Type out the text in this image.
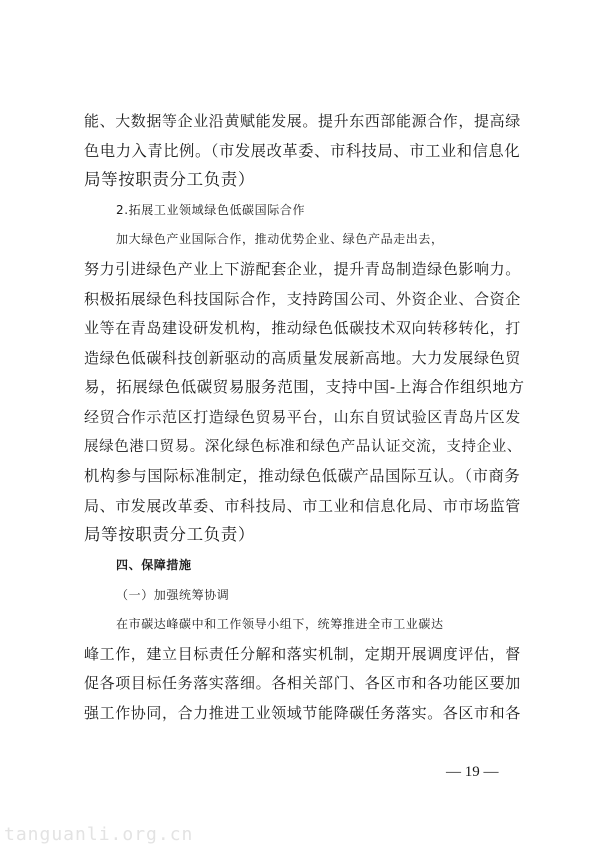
能、大数据等企业沿黄赋能发展。提升东西部能源合作，提高绿
色电力入青比例。（市发展改革委、市科技局、市工业和信息化
局等按职责分工负责）
2.拓展工业领域绿色低碳国际合作
加大绿色产业国际合作，推动优势企业、绿色产品走出去，
努力引进绿色产业上下游配套企业，提升青岛制造绿色影响力。
积极拓展绿色科技国际合作，支持跨国公司、外资企业、合资企
业等在青岛建设研发机构，推动绿色低碳技术双向转移转化，打
造绿色低碳科技创新驱动的高质量发展新高地。大力发展绿色贸
易，拓展绿色低碳贸易服务范围，支持中国-上海合作组织地方
经贸合作示范区打造绿色贸易平台，山东自贸试验区青岛片区发
展绿色港口贸易。深化绿色标准和绿色产品认证交流，支持企业、
机构参与国际标准制定，推动绿色低碳产品国际互认。（市商务
局、市发展改革委、市科技局、市工业和信息化局、市市场监管
局等按职责分工负责）
四、保障措施
（一）加强统筹协调
在市碳达峰碳中和工作领导小组下，统筹推进全市工业碳达
峰工作，建立目标责任分解和落实机制，定期开展调度评估，督
促各项目标任务落实落细。各相关部门、各区市和各功能区要加
强工作协同，合力推进工业领域节能降碳任务落实。各区市和各
— 19 —
tanguanli.org.cn
